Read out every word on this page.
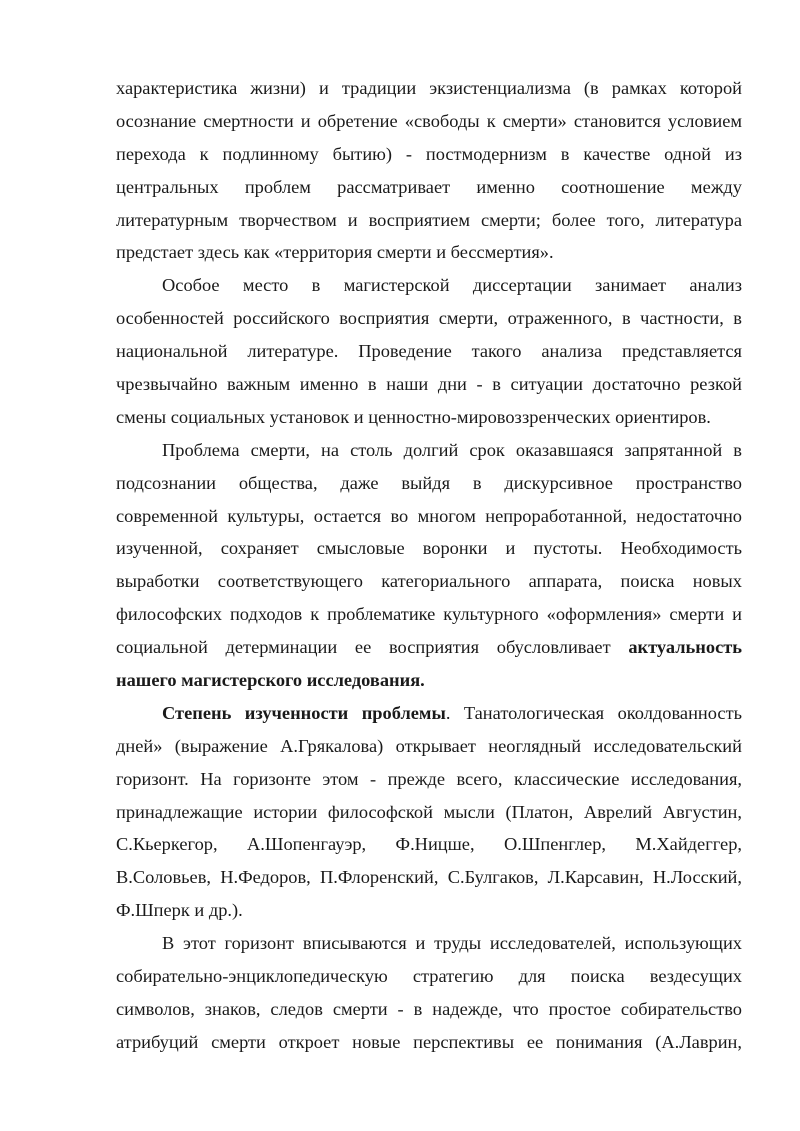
характеристика жизни) и традиции экзистенциализма (в рамках которой
осознание смертности и обретение «свободы к смерти» становится условием
перехода к подлинному бытию) - постмодернизм в качестве одной из
центральных проблем рассматривает именно соотношение между
литературным творчеством и восприятием смерти; более того, литература
предстает здесь как «территория смерти и бессмертия».
Особое место в магистерской диссертации занимает анализ
особенностей российского восприятия смерти, отраженного, в частности, в
национальной литературе. Проведение такого анализа представляется
чрезвычайно важным именно в наши дни - в ситуации достаточно резкой
смены социальных установок и ценностно-мировоззренческих ориентиров.
Проблема смерти, на столь долгий срок оказавшаяся запрятанной в
подсознании общества, даже выйдя в дискурсивное пространство
современной культуры, остается во многом непроработанной, недостаточно
изученной, сохраняет смысловые воронки и пустоты. Необходимость
выработки соответствующего категориального аппарата, поиска новых
философских подходов к проблематике культурного «оформления» смерти и
социальной детерминации ее восприятия обусловливает актуальность
нашего магистерского исследования.
Степень изученности проблемы. Танатологическая околдованность
дней» (выражение А.Грякалова) открывает неоглядный исследовательский
горизонт. На горизонте этом - прежде всего, классические исследования,
принадлежащие истории философской мысли (Платон, Аврелий Августин,
С.Кьеркегор, А.Шопенгауэр, Ф.Ницше, О.Шпенглер, М.Хайдеггер,
В.Соловьев, Н.Федоров, П.Флоренский, С.Булгаков, Л.Карсавин, Н.Лосский,
Ф.Шперк и др.).
В этот горизонт вписываются и труды исследователей, использующих
собирательно-энциклопедическую стратегию для поиска вездесущих
символов, знаков, следов смерти - в надежде, что простое собирательство
атрибуций смерти откроет новые перспективы ее понимания (А.Лаврин,
